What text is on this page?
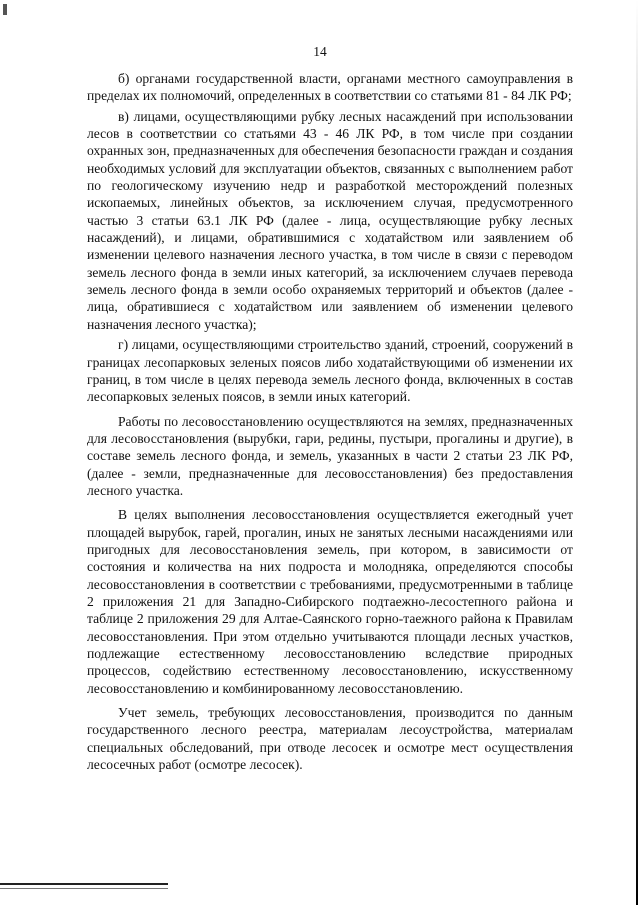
14

б) органами государственной власти, органами местного самоуправления в пределах их полномочий, определенных в соответствии со статьями 81 - 84 ЛК РФ;

в) лицами, осуществляющими рубку лесных насаждений при использовании лесов в соответствии со статьями 43 - 46 ЛК РФ, в том числе при создании охранных зон, предназначенных для обеспечения безопасности граждан и создания необходимых условий для эксплуатации объектов, связанных с выполнением работ по геологическому изучению недр и разработкой месторождений полезных ископаемых, линейных объектов, за исключением случая, предусмотренного частью 3 статьи 63.1 ЛК РФ (далее - лица, осуществляющие рубку лесных насаждений), и лицами, обратившимися с ходатайством или заявлением об изменении целевого назначения лесного участка, в том числе в связи с переводом земель лесного фонда в земли иных категорий, за исключением случаев перевода земель лесного фонда в земли особо охраняемых территорий и объектов (далее - лица, обратившиеся с ходатайством или заявлением об изменении целевого назначения лесного участка);

г) лицами, осуществляющими строительство зданий, строений, сооружений в границах лесопарковых зеленых поясов либо ходатайствующими об изменении их границ, в том числе в целях перевода земель лесного фонда, включенных в состав лесопарковых зеленых поясов, в земли иных категорий.

Работы по лесовосстановлению осуществляются на землях, предназначенных для лесовосстановления (вырубки, гари, редины, пустыри, прогалины и другие), в составе земель лесного фонда, и земель, указанных в части 2 статьи 23 ЛК РФ, (далее - земли, предназначенные для лесовосстановления) без предоставления лесного участка.

В целях выполнения лесовосстановления осуществляется ежегодный учет площадей вырубок, гарей, прогалин, иных не занятых лесными насаждениями или пригодных для лесовосстановления земель, при котором, в зависимости от состояния и количества на них подроста и молодняка, определяются способы лесовосстановления в соответствии с требованиями, предусмотренными в таблице 2 приложения 21 для Западно-Сибирского подтаежно-лесостепного района и таблице 2 приложения 29 для Алтае-Саянского горно-таежного района к Правилам лесовосстановления. При этом отдельно учитываются площади лесных участков, подлежащие естественному лесовосстановлению вследствие природных процессов, содействию естественному лесовосстановлению, искусственному лесовосстановлению и комбинированному лесовосстановлению.

Учет земель, требующих лесовосстановления, производится по данным государственного лесного реестра, материалам лесоустройства, материалам специальных обследований, при отводе лесосек и осмотре мест осуществления лесосечных работ (осмотре лесосек).
